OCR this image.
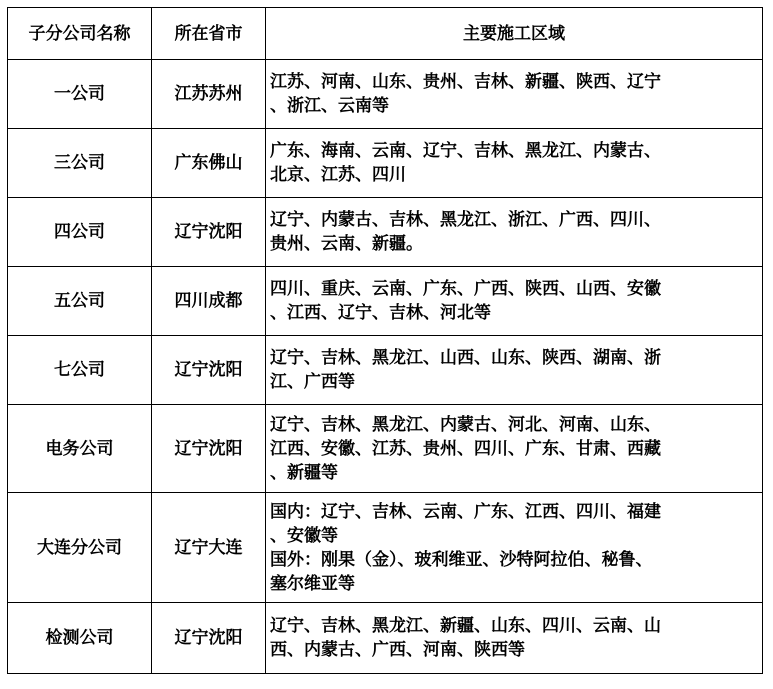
子分公司名称	所在省市	主要施工区域
一公司	江苏苏州	江苏、河南、山东、贵州、吉林、新疆、陕西、辽宁
、浙江、云南等

三公司	广东佛山	广东、海南、云南、辽宁、吉林、黑龙江、内蒙古、
北京、江苏、四川

四公司	辽宁沈阳	辽宁、内蒙古、吉林、黑龙江、浙江、广西、四川、
贵州、云南、新疆。

五公司	四川成都	四川、重庆、云南、广东、广西、陕西、山西、安徽
、江西、辽宁、吉林、河北等

七公司	辽宁沈阳	辽宁、吉林、黑龙江、山西、山东、陕西、湖南、浙
江、广西等

电务公司	辽宁沈阳	辽宁、吉林、黑龙江、内蒙古、河北、河南、山东、
江西、安徽、江苏、贵州、四川、广东、甘肃、西藏
、新疆等

大连分公司	辽宁大连	国内：辽宁、吉林、云南、广东、江西、四川、福建
、安徽等
国外：刚果（金）、玻利维亚、沙特阿拉伯、秘鲁、
塞尔维亚等

检测公司	辽宁沈阳	辽宁、吉林、黑龙江、新疆、山东、四川、云南、山
西、内蒙古、广西、河南、陕西等
